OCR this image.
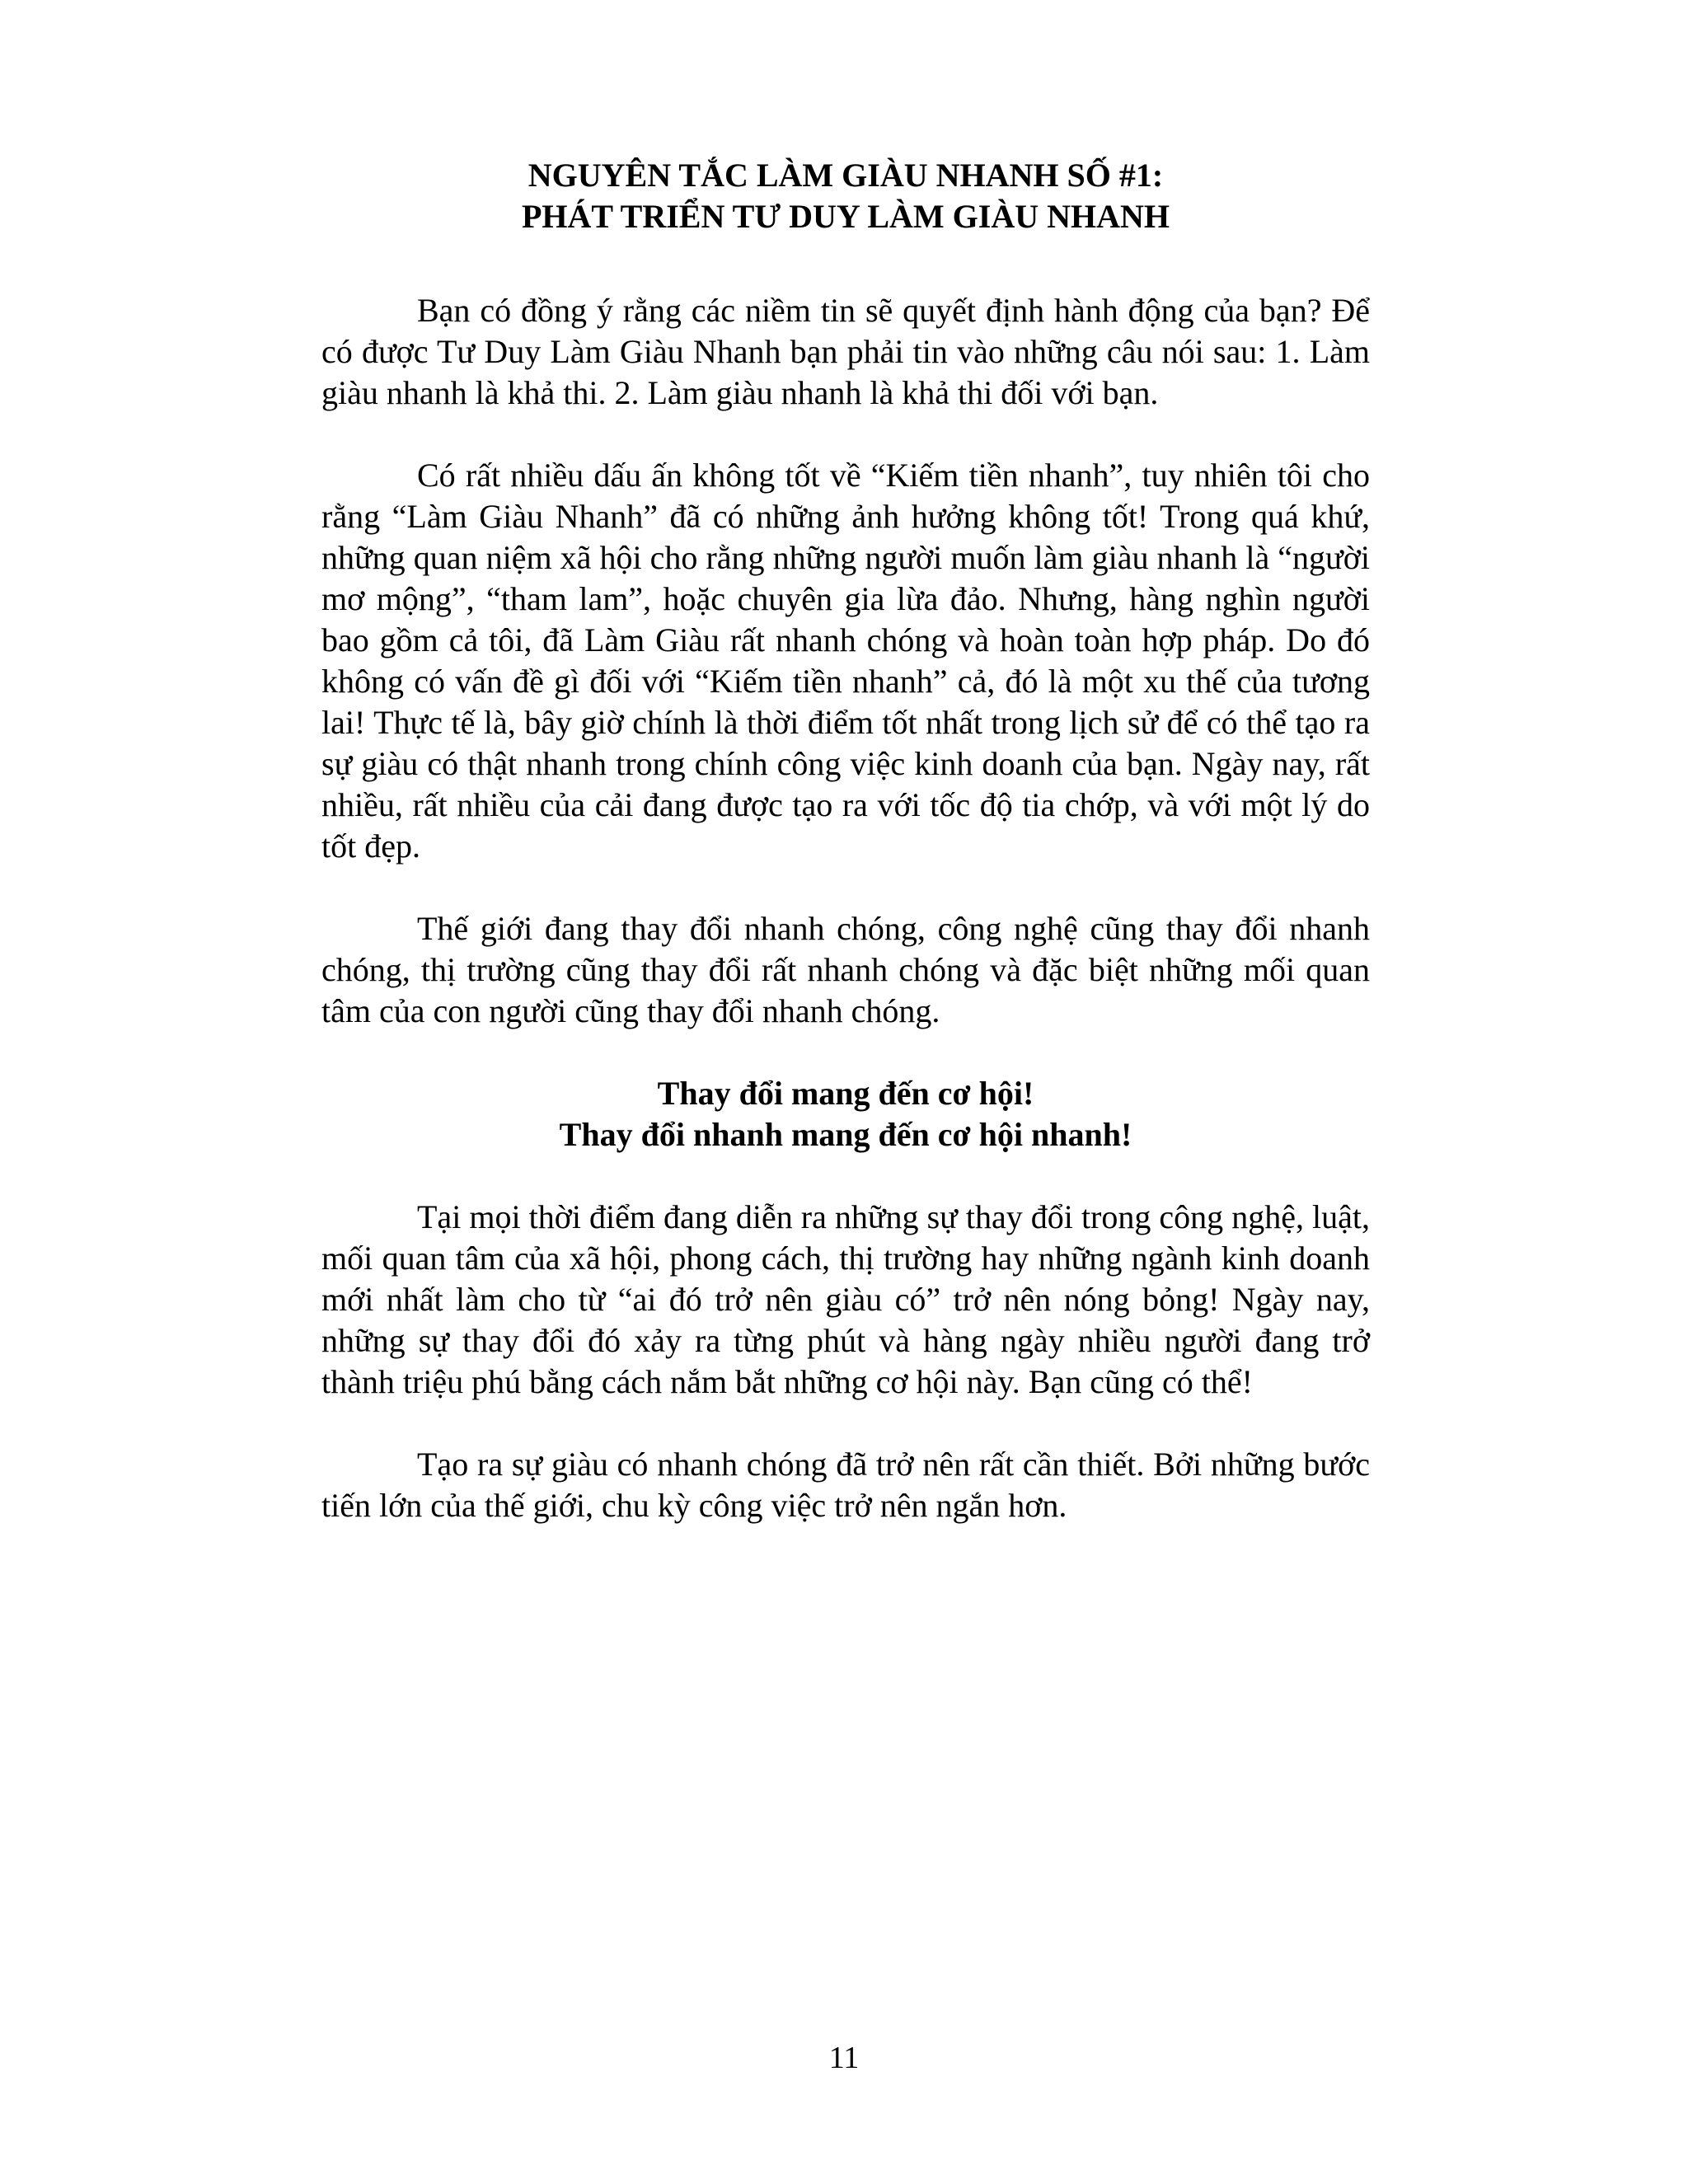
NGUYÊN TẮC LÀM GIÀU NHANH SỐ #1:

PHÁT TRIỂN TƯ DUY LÀM GIÀU NHANH

Bạn có đồng ý rằng các niềm tin sẽ quyết định hành động của bạn? Để có được Tư Duy Làm Giàu Nhanh bạn phải tin vào những câu nói sau: 1. Làm giàu nhanh là khả thi. 2. Làm giàu nhanh là khả thi đối với bạn.

Có rất nhiều dấu ấn không tốt về “Kiếm tiền nhanh”, tuy nhiên tôi cho rằng “Làm Giàu Nhanh” đã có những ảnh hưởng không tốt! Trong quá khứ, những quan niệm xã hội cho rằng những người muốn làm giàu nhanh là “người mơ mộng”, “tham lam”, hoặc chuyên gia lừa đảo. Nhưng, hàng nghìn người bao gồm cả tôi, đã Làm Giàu rất nhanh chóng và hoàn toàn hợp pháp. Do đó không có vấn đề gì đối với “Kiếm tiền nhanh” cả, đó là một xu thế của tương lai! Thực tế là, bây giờ chính là thời điểm tốt nhất trong lịch sử để có thể tạo ra sự giàu có thật nhanh trong chính công việc kinh doanh của bạn. Ngày nay, rất nhiều, rất nhiều của cải đang được tạo ra với tốc độ tia chớp, và với một lý do tốt đẹp.

Thế giới đang thay đổi nhanh chóng, công nghệ cũng thay đổi nhanh chóng, thị trường cũng thay đổi rất nhanh chóng và đặc biệt những mối quan tâm của con người cũng thay đổi nhanh chóng.

Thay đổi mang đến cơ hội!

Thay đổi nhanh mang đến cơ hội nhanh!

Tại mọi thời điểm đang diễn ra những sự thay đổi trong công nghệ, luật, mối quan tâm của xã hội, phong cách, thị trường hay những ngành kinh doanh mới nhất làm cho từ “ai đó trở nên giàu có” trở nên nóng bỏng! Ngày nay, những sự thay đổi đó xảy ra từng phút và hàng ngày nhiều người đang trở thành triệu phú bằng cách nắm bắt những cơ hội này. Bạn cũng có thể!

Tạo ra sự giàu có nhanh chóng đã trở nên rất cần thiết. Bởi những bước tiến lớn của thế giới, chu kỳ công việc trở nên ngắn hơn.

11
